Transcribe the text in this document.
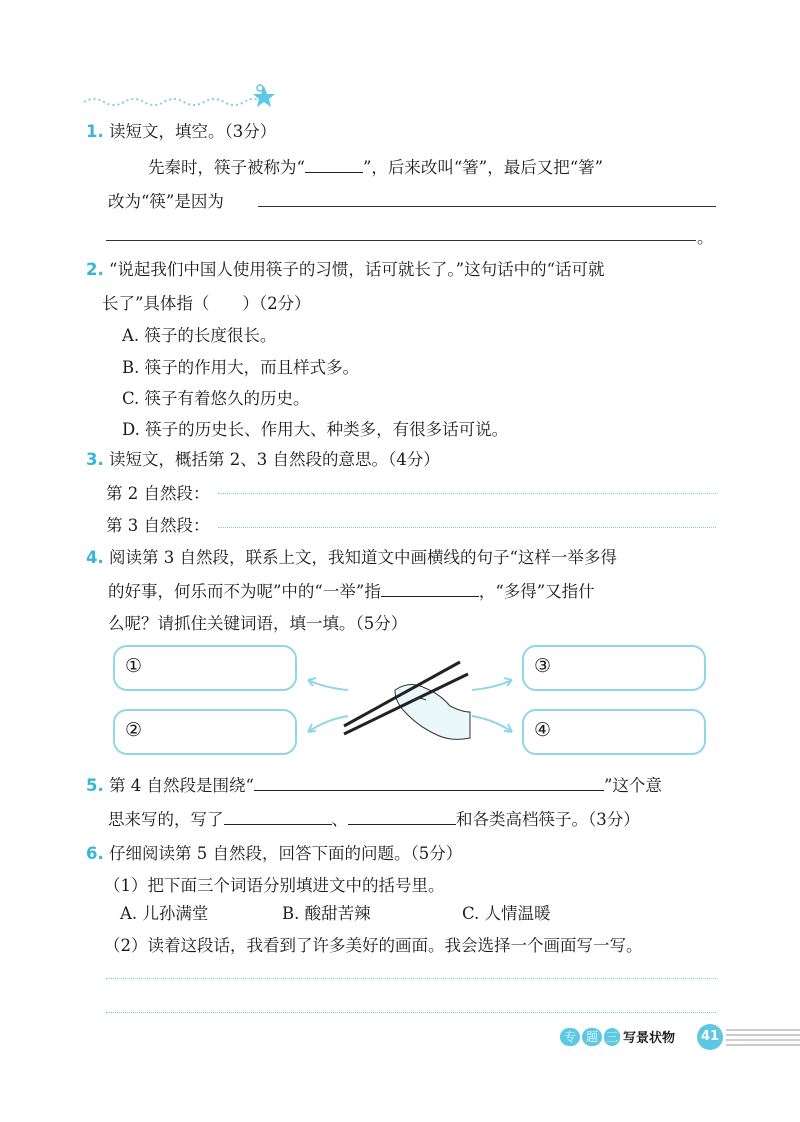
1. 读短文，填空。（3分）
先秦时，筷子被称为“	”，后来改叫“箸”，最后又把“箸”
改为“筷”是因为
。
2. “说起我们中国人使用筷子的习惯，话可就长了。”这句话中的“话可就
长了”具体指（　　）（2分）
A. 筷子的长度很长。
B. 筷子的作用大，而且样式多。
C. 筷子有着悠久的历史。
D. 筷子的历史长、作用大、种类多，有很多话可说。
3. 读短文，概括第 2、3 自然段的意思。（4分）
第 2 自然段：
第 3 自然段：
4. 阅读第 3 自然段，联系上文，我知道文中画横线的句子“这样一举多得
的好事，何乐而不为呢”中的“一举”指	，“多得”又指什
么呢？请抓住关键词语，填一填。（5分）
①
②
③
④
5. 第 4 自然段是围绕“	”这个意
思来写的，写了	、	和各类高档筷子。（3分）
6. 仔细阅读第 5 自然段，回答下面的问题。（5分）
（1）把下面三个词语分别填进文中的括号里。
A. 儿孙满堂	B. 酸甜苦辣	C. 人情温暖
（2）读着这段话，我看到了许多美好的画面。我会选择一个画面写一写。
专 题 三 写景状物	41
